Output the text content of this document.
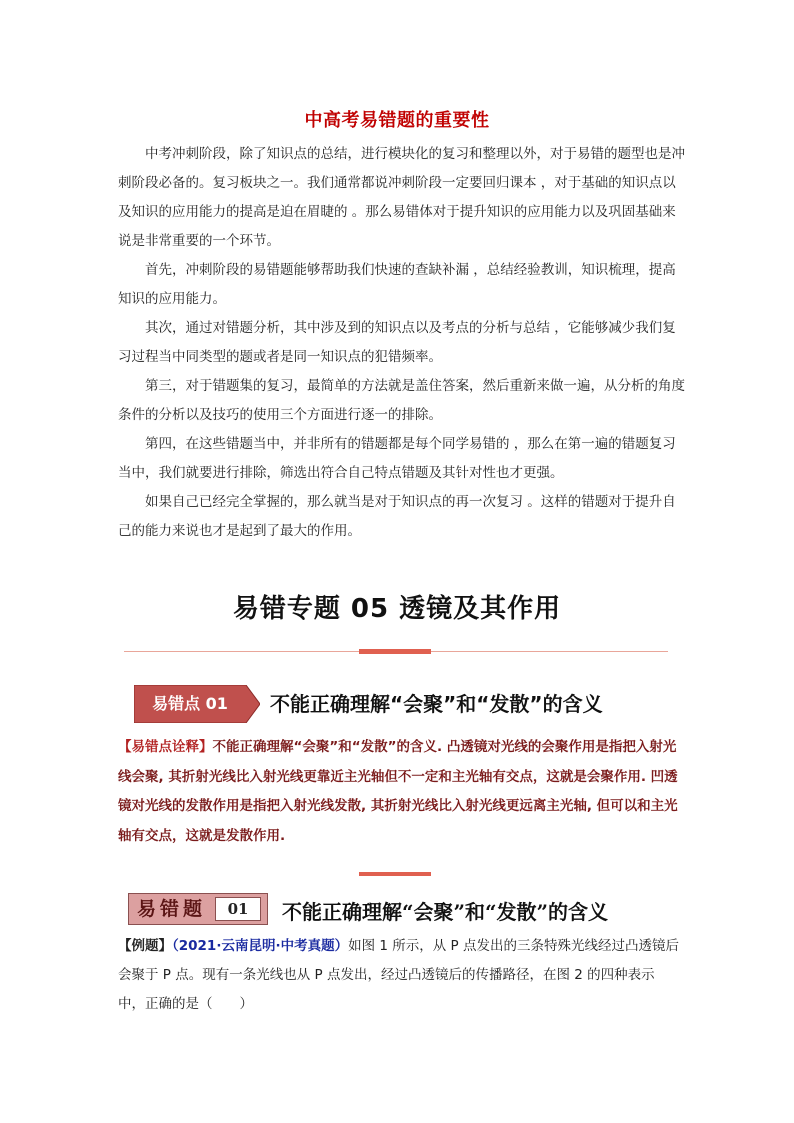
中高考易错题的重要性

中考冲刺阶段，除了知识点的总结，进行模块化的复习和整理以外，对于易错的题型也是冲刺阶段必备的。复习板块之一。我们通常都说冲刺阶段一定要回归课本 ，对于基础的知识点以及知识的应用能力的提高是迫在眉睫的 。那么易错体对于提升知识的应用能力以及巩固基础来说是非常重要的一个环节。

首先，冲刺阶段的易错题能够帮助我们快速的查缺补漏 ，总结经验教训，知识梳理，提高知识的应用能力。

其次，通过对错题分析，其中涉及到的知识点以及考点的分析与总结 ，它能够减少我们复习过程当中同类型的题或者是同一知识点的犯错频率。

第三，对于错题集的复习，最简单的方法就是盖住答案，然后重新来做一遍，从分析的角度条件的分析以及技巧的使用三个方面进行逐一的排除。

第四，在这些错题当中，并非所有的错题都是每个同学易错的 ，那么在第一遍的错题复习当中，我们就要进行排除，筛选出符合自己特点错题及其针对性也才更强。

如果自己已经完全掌握的，那么就当是对于知识点的再一次复习 。这样的错题对于提升自己的能力来说也才是起到了最大的作用。

易错专题 05 透镜及其作用
易错点 01	不能正确理解“会聚”和“发散”的含义
【易错点诠释】不能正确理解“会聚”和“发散”的含义. 凸透镜对光线的会聚作用是指把入射光线会聚, 其折射光线比入射光线更靠近主光轴但不一定和主光轴有交点，这就是会聚作用. 凹透镜对光线的发散作用是指把入射光线发散, 其折射光线比入射光线更远离主光轴, 但可以和主光轴有交点，这就是发散作用.
易错题	01	不能正确理解“会聚”和“发散”的含义
【例题】（2021·云南昆明·中考真题）如图 1 所示，从 P 点发出的三条特殊光线经过凸透镜后会聚于 P 点。现有一条光线也从 P 点发出，经过凸透镜后的传播路径，在图 2 的四种表示中，正确的是（　　）
